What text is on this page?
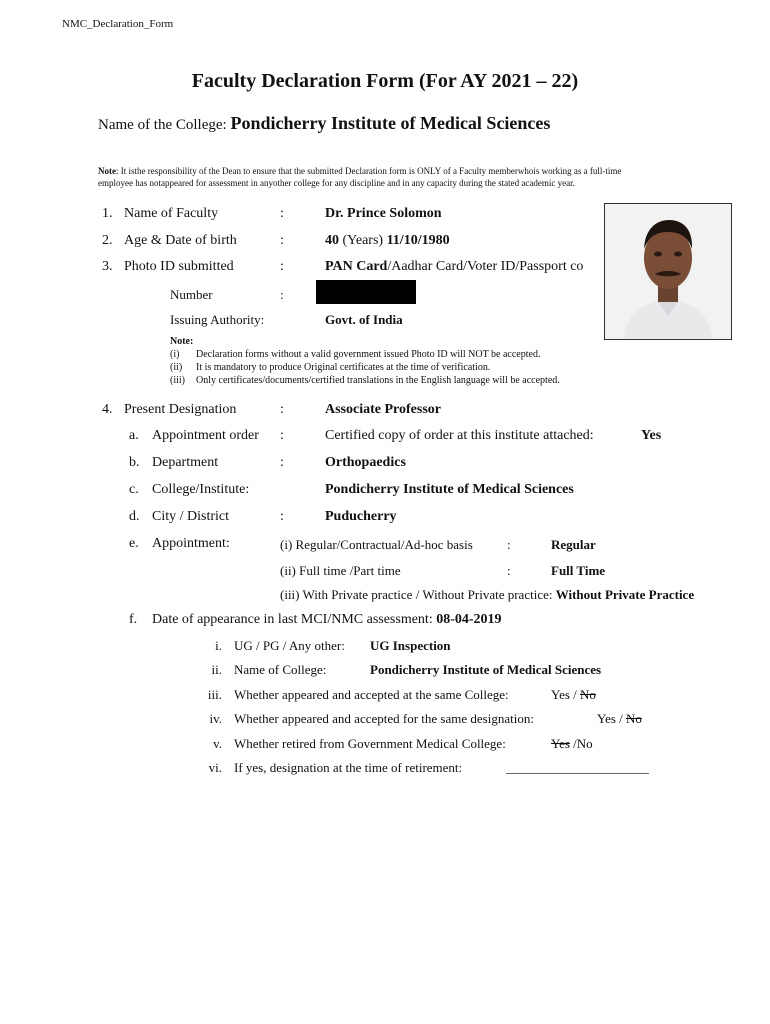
NMC_Declaration_Form
Faculty Declaration Form (For AY 2021 – 22)
Name of the College: Pondicherry Institute of Medical Sciences
Note: It isthe responsibility of the Dean to ensure that the submitted Declaration form is ONLY of a Faculty memberwhois working as a full-time
employee has notappeared for assessment in anyother college for any discipline and in any capacity during the stated academic year.
1. Name of Faculty	:	Dr. Prince Solomon
2. Age & Date of birth	:	40 (Years) 11/10/1980
3. Photo ID submitted	:	PAN Card/Aadhar Card/Voter ID/Passport co
Number	:
Issuing Authority:	Govt. of India
Note:
(i) Declaration forms without a valid government issued Photo ID will NOT be accepted.
(ii) It is mandatory to produce Original certificates at the time of verification.
(iii) Only certificates/documents/certified translations in the English language will be accepted.
4. Present Designation	:	Associate Professor
a. Appointment order :	Certified copy of order at this institute attached:	Yes
b. Department	:	Orthopaedics
c. College/Institute:	Pondicherry Institute of Medical Sciences
d. City / District	:	Puducherry
e. Appointment:	(i) Regular/Contractual/Ad-hoc basis	:	Regular
(ii) Full time /Part time	:	Full Time
(iii) With Private practice / Without Private practice: Without Private Practice
f. Date of appearance in last MCI/NMC assessment: 08-04-2019
i. UG / PG / Any other: UG Inspection
ii. Name of College:	Pondicherry Institute of Medical Sciences
iii. Whether appeared and accepted at the same College:	Yes / No
iv. Whether appeared and accepted for the same designation:	Yes / No
v. Whether retired from Government Medical College:	Yes /No
vi. If yes, designation at the time of retirement:	______________________
